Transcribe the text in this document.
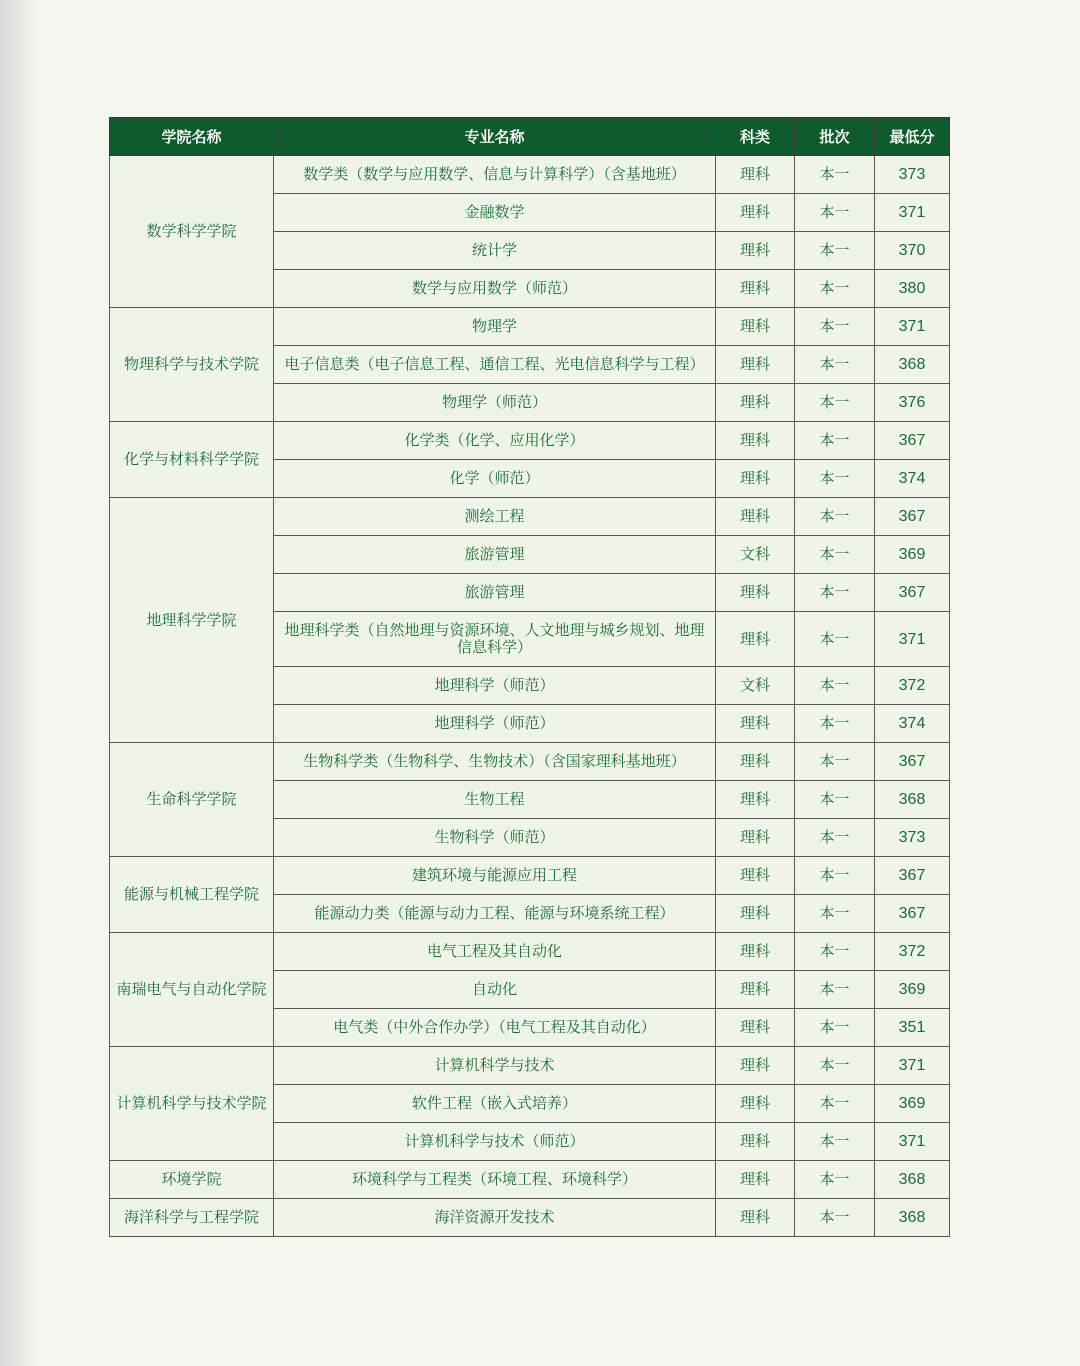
学院名称	专业名称	科类	批次	最低分
数学科学学院	数学类（数学与应用数学、信息与计算科学）（含基地班）	理科	本一	373
	金融数学	理科	本一	371
	统计学	理科	本一	370
	数学与应用数学（师范）	理科	本一	380
物理科学与技术学院	物理学	理科	本一	371
	电子信息类（电子信息工程、通信工程、光电信息科学与工程）	理科	本一	368
	物理学（师范）	理科	本一	376
化学与材料科学学院	化学类（化学、应用化学）	理科	本一	367
	化学（师范）	理科	本一	374
地理科学学院	测绘工程	理科	本一	367
	旅游管理	文科	本一	369
	旅游管理	理科	本一	367
	地理科学类（自然地理与资源环境、人文地理与城乡规划、地理信息科学）	理科	本一	371
	地理科学（师范）	文科	本一	372
	地理科学（师范）	理科	本一	374
生命科学学院	生物科学类（生物科学、生物技术）（含国家理科基地班）	理科	本一	367
	生物工程	理科	本一	368
	生物科学（师范）	理科	本一	373
能源与机械工程学院	建筑环境与能源应用工程	理科	本一	367
	能源动力类（能源与动力工程、能源与环境系统工程）	理科	本一	367
南瑞电气与自动化学院	电气工程及其自动化	理科	本一	372
	自动化	理科	本一	369
	电气类（中外合作办学）（电气工程及其自动化）	理科	本一	351
计算机科学与技术学院	计算机科学与技术	理科	本一	371
	软件工程（嵌入式培养）	理科	本一	369
	计算机科学与技术（师范）	理科	本一	371
环境学院	环境科学与工程类（环境工程、环境科学）	理科	本一	368
海洋科学与工程学院	海洋资源开发技术	理科	本一	368
